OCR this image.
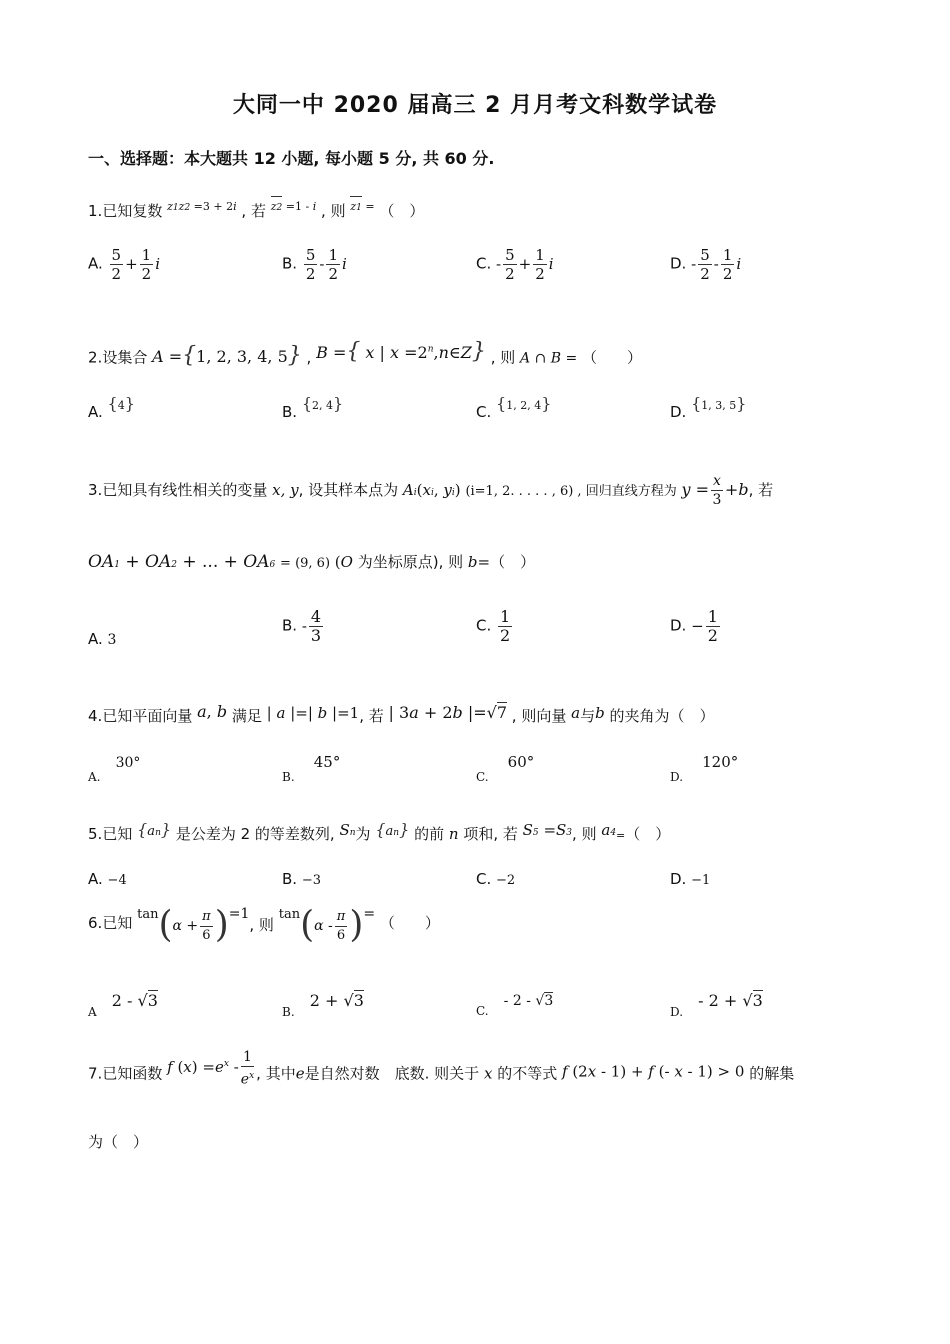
大同一中 2020 届高三 2 月月考文科数学试卷
一、选择题：本大题共 12 小题, 每小题 5 分, 共 60 分.
1.已知复数 $^{z1z2 =3 + 2i}$ , 若 $^{z2 =1 - i}$ , 则 $^{z1 =}$ （　）
A. $\frac{5}{2} + \frac{1}{2}$ i	B. $\frac{5}{2} - \frac{1}{2}$ i	C. - $\frac{5}{2} + \frac{1}{2}$ i	D. - $\frac{5}{2} - \frac{1}{2}$ i
2.设集合 A ={1, 2, 3, 4, 5} , B ={ x | $x =2^n,n\in Z$} , 则 A ∩ B = （　　）
A. $^{\{4\}}$	B. $^{\{2, 4\}}$	C. $^{\{1, 2, 4\}}$	D. $^{\{1, 3, 5\}}$
3.已知具有线性相关的变量 x, y, 设其样本点为 Ai(xi, yi) (i=1, 2. . . . . , 6) , 回归直线方程为 $y = \frac{x}{3} +b$, 若
OA1 + OA2 + ... + OA6 = (9, 6) (O 为坐标原点), 则 b=（　）
A. 3
B. - $\frac{4}{3}$	C. $\frac{1}{2}$	D. − $\frac{1}{2}$
4.已知平面向量 a, b 满足 | a |=| b |=1, 若 | 3a + 2b |=√7 , 则向量 a与b 的夹角为（　）
$_{A.}$ 30°
$_{B.}$ 45°
$_{C.}$ 60°
$_{D.}$ 120°
5.已知 {an} 是公差为 2 的等差数列, Sn为 {an} 的前 n 项和, 若 S5 =S3, 则 a4=（　）
A. −4	B. −3	C. −2	D. −1
6.已知 $\tan(\alpha + \frac{\pi}{6} )=1$, 则 $\tan(\alpha - \frac{\pi}{6}$ )= （　　）
$_A$ 2 - √3
$_{B.}$ 2 + √3
$_{C.}$ - 2 - √3
$_{D.}$ - 2 + √3
7.已知函数 f $(x) =e^x - \frac{1}{e^x}$ , 其中e是自然对数　底数. 则关于 x 的不等式 f (2x - 1) + f (- x - 1) > 0 的解集
为（　）
